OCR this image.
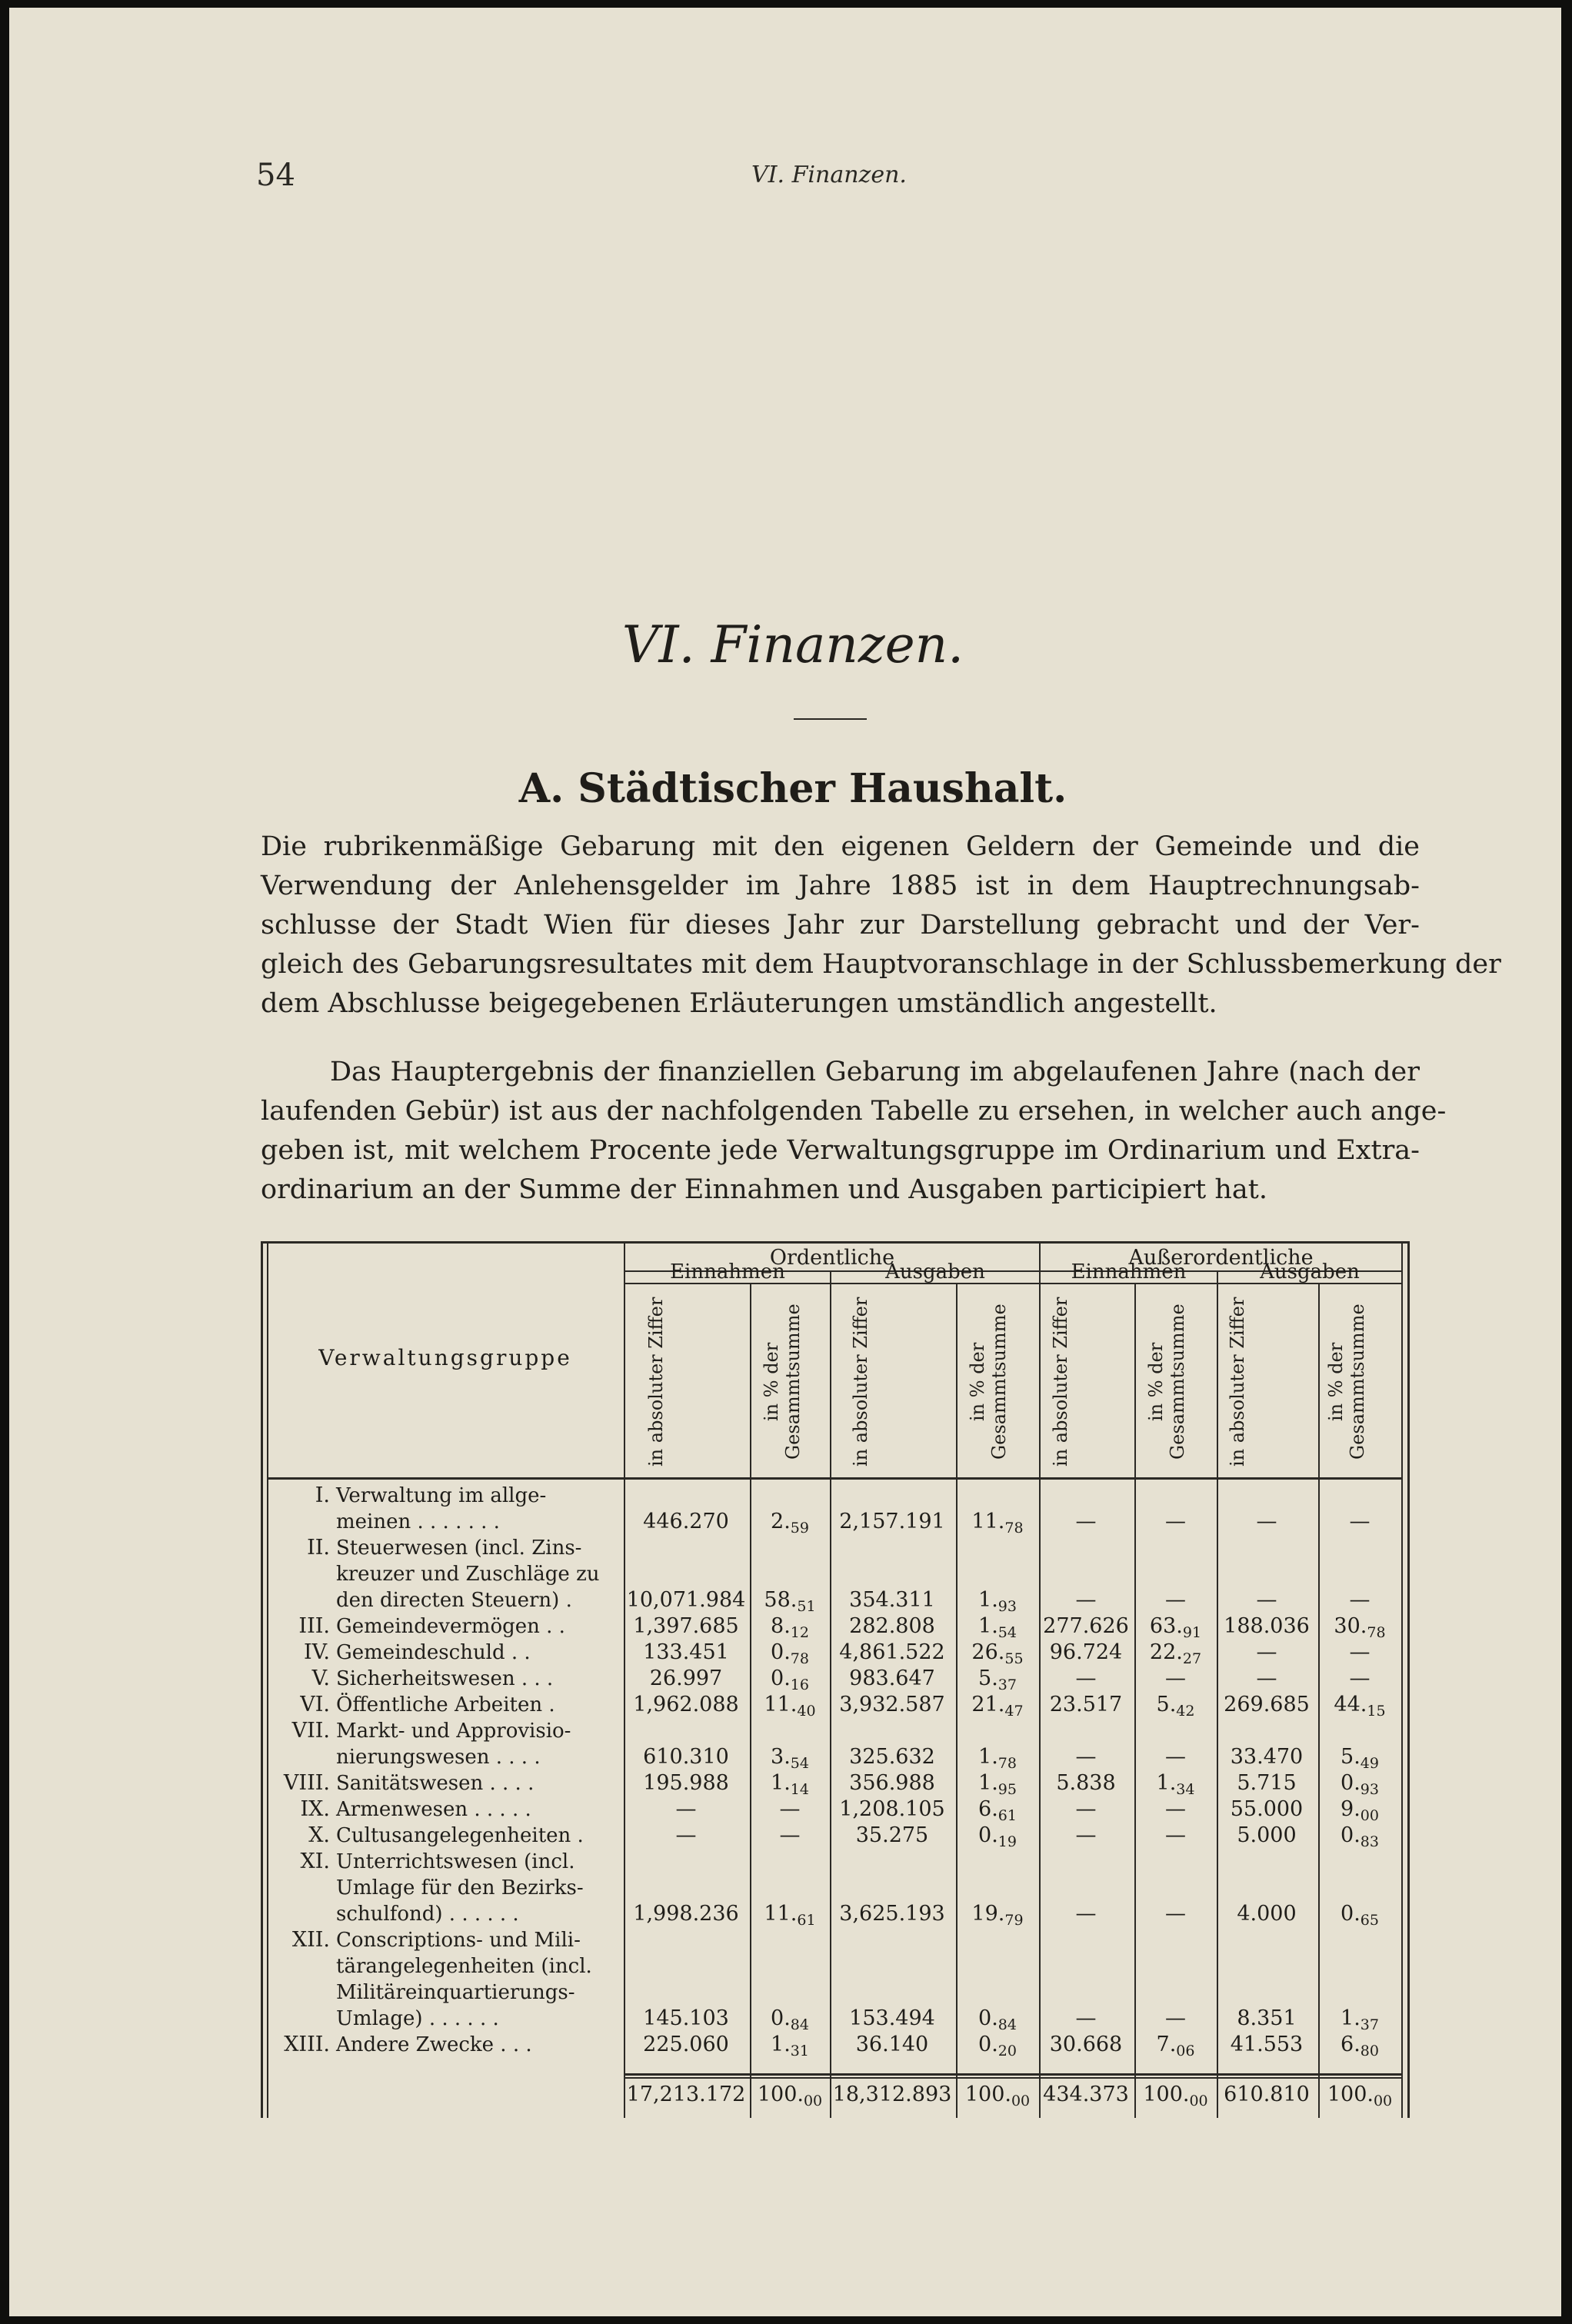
54	VI. Finanzen.
VI. Finanzen.
A. Städtischer Haushalt.
Die rubrikenmäßige Gebarung mit den eigenen Geldern der Gemeinde und die
Verwendung der Anlehensgelder im Jahre 1885 ist in dem Hauptrechnungsab-
schlusse der Stadt Wien für dieses Jahr zur Darstellung gebracht und der Ver-
gleich des Gebarungsresultates mit dem Hauptvoranschlage in der Schlussbemerkung der
dem Abschlusse beigegebenen Erläuterungen umständlich angestellt.
Das Hauptergebnis der finanziellen Gebarung im abgelaufenen Jahre (nach der
laufenden Gebür) ist aus der nachfolgenden Tabelle zu ersehen, in welcher auch ange-
geben ist, mit welchem Procente jede Verwaltungsgruppe im Ordinarium und Extra-
ordinarium an der Summe der Einnahmen und Ausgaben participiert hat.
Verwaltungsgruppe
Ordentliche	Außerordentliche
Einnahmen	Ausgaben	Einnahmen	Ausgaben
in absoluter Ziffer	in % der Gesammtsumme	in absoluter Ziffer	in % der Gesammtsumme	in absoluter Ziffer	in % der Gesammtsumme	in absoluter Ziffer	in % der Gesammtsumme
I. Verwaltung im allge-
meinen . . . . . . .	446.270	$2._{59}$	2,157.191	$11._{78}$	—	—	—	—
II. Steuerwesen (incl. Zins-
kreuzer und Zuschläge zu
den directen Steuern) .	10,071.984 $58._{51}$	354.311	$1._{93}$	—	—	—	—
III. Gemeindevermögen . .	1,397.685	$8._{12}$	282.808	$1._{54}$	277.626	$63._{91}$	188.036	$30._{78}$
IV. Gemeindeschuld . .	133.451	$0._{78}$	4,861.522	$26._{55}$	96.724	$22._{27}$	—	—
V. Sicherheitswesen . . .	26.997	$0._{16}$	983.647	$5._{37}$	—	—	—	—
VI. Öffentliche Arbeiten .	1,962.088	$11._{40}$	3,932.587	$21._{47}$	23.517	$5._{42}$	269.685	$44._{15}$
VII. Markt- und Approvisio-
nierungswesen . . . .	610.310	$3._{54}$	325.632	$1._{78}$	—	—	33.470	$5._{49}$
VIII. Sanitätswesen . . . .	195.988	$1._{14}$	356.988	$1._{95}$	5.838	$1._{34}$	5.715	$0._{93}$
IX. Armenwesen . . . . .	—	—	1,208.105	$6._{61}$	—	—	55.000	$9._{00}$
X. Cultusangelegenheiten .	—	—	35.275	$0._{19}$	—	—	5.000	$0._{83}$
XI. Unterrichtswesen (incl.
Umlage für den Bezirks-
schulfond) . . . . . .	1,998.236	$11._{61}$	3,625.193	$19._{79}$	—	—	4.000	$0._{65}$
XII. Conscriptions- und Mili-
tärangelegenheiten (incl.
Militäreinquartierungs-
Umlage) . . . . . .	145.103	$0._{84}$	153.494	$0._{84}$	—	—	8.351	$1._{37}$
XIII. Andere Zwecke . . .	225.060	$1._{31}$	36.140	$0._{20}$	30.668	$7._{06}$	41.553	$6._{80}$
17,213.172 $100._{00}$ 18,312.893 $100._{00}$ 434.373 $100._{00}$ 610.810 $100._{00}$
